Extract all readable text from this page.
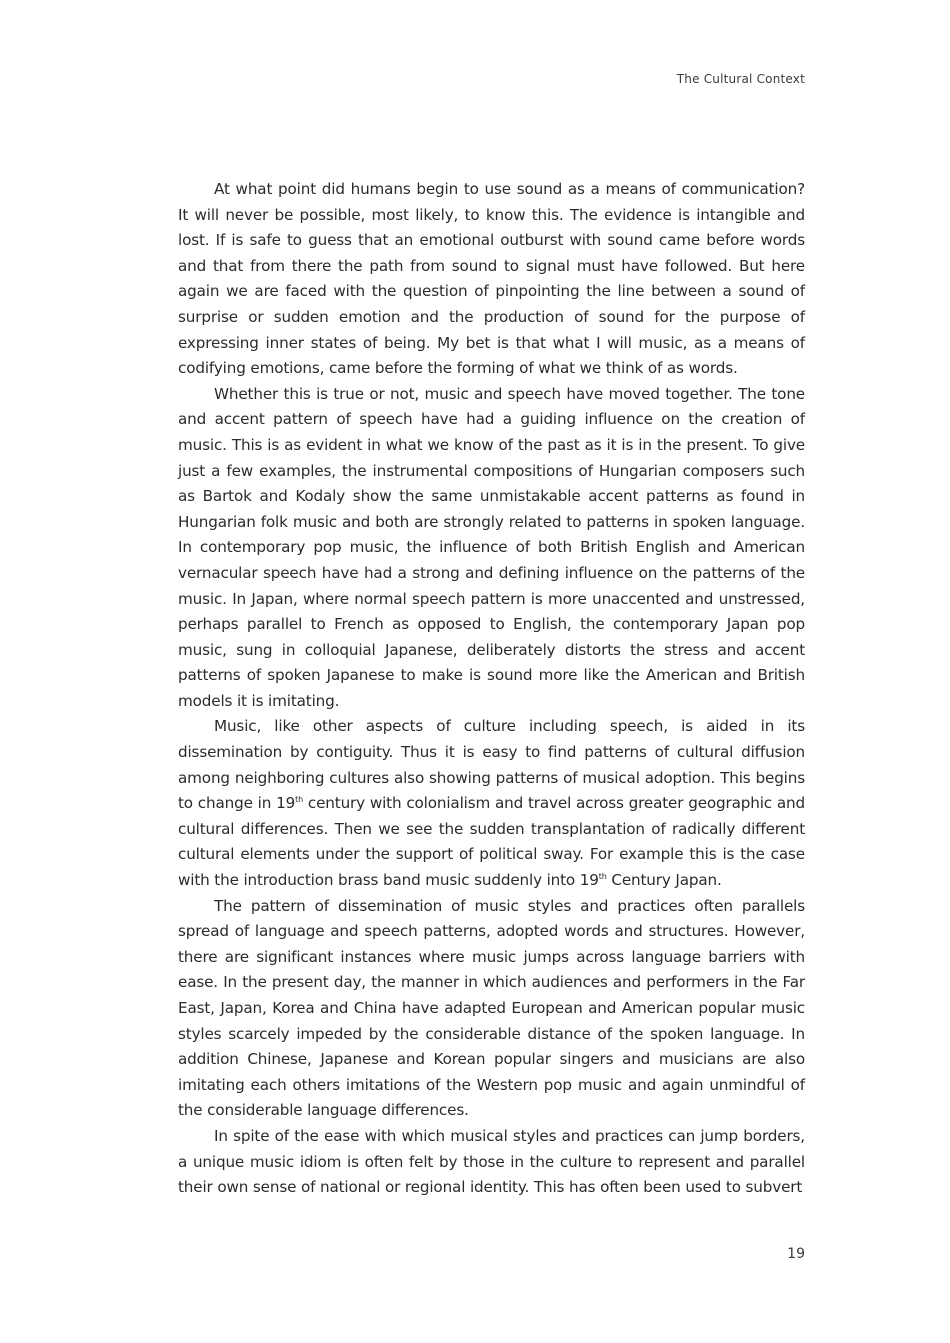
The Cultural Context

At what point did humans begin to use sound as a means of communication? It will never be possible, most likely, to know this. The evidence is intangible and lost. If is safe to guess that an emotional outburst with sound came before words and that from there the path from sound to signal must have followed. But here again we are faced with the question of pinpointing the line between a sound of surprise or sudden emotion and the production of sound for the purpose of expressing inner states of being. My bet is that what I will music, as a means of codifying emotions, came before the forming of what we think of as words.

Whether this is true or not, music and speech have moved together. The tone and accent pattern of speech have had a guiding influence on the creation of music. This is as evident in what we know of the past as it is in the present. To give just a few examples, the instrumental compositions of Hungarian composers such as Bartok and Kodaly show the same unmistakable accent patterns as found in Hungarian folk music and both are strongly related to patterns in spoken language. In contemporary pop music, the influence of both British English and American vernacular speech have had a strong and defining influence on the patterns of the music. In Japan, where normal speech pattern is more unaccented and unstressed, perhaps parallel to French as opposed to English, the contemporary Japan pop music, sung in colloquial Japanese, deliberately distorts the stress and accent patterns of spoken Japanese to make is sound more like the American and British models it is imitating.

Music, like other aspects of culture including speech, is aided in its dissemination by contiguity. Thus it is easy to find patterns of cultural diffusion among neighboring cultures also showing patterns of musical adoption. This begins to change in 19th century with colonialism and travel across greater geographic and cultural differences. Then we see the sudden transplantation of radically different cultural elements under the support of political sway. For example this is the case with the introduction brass band music suddenly into 19th Century Japan.

The pattern of dissemination of music styles and practices often parallels spread of language and speech patterns, adopted words and structures. However, there are significant instances where music jumps across language barriers with ease. In the present day, the manner in which audiences and performers in the Far East, Japan, Korea and China have adapted European and American popular music styles scarcely impeded by the considerable distance of the spoken language. In addition Chinese, Japanese and Korean popular singers and musicians are also imitating each others imitations of the Western pop music and again unmindful of the considerable language differences.

In spite of the ease with which musical styles and practices can jump borders, a unique music idiom is often felt by those in the culture to represent and parallel their own sense of national or regional identity. This has often been used to subvert

19
